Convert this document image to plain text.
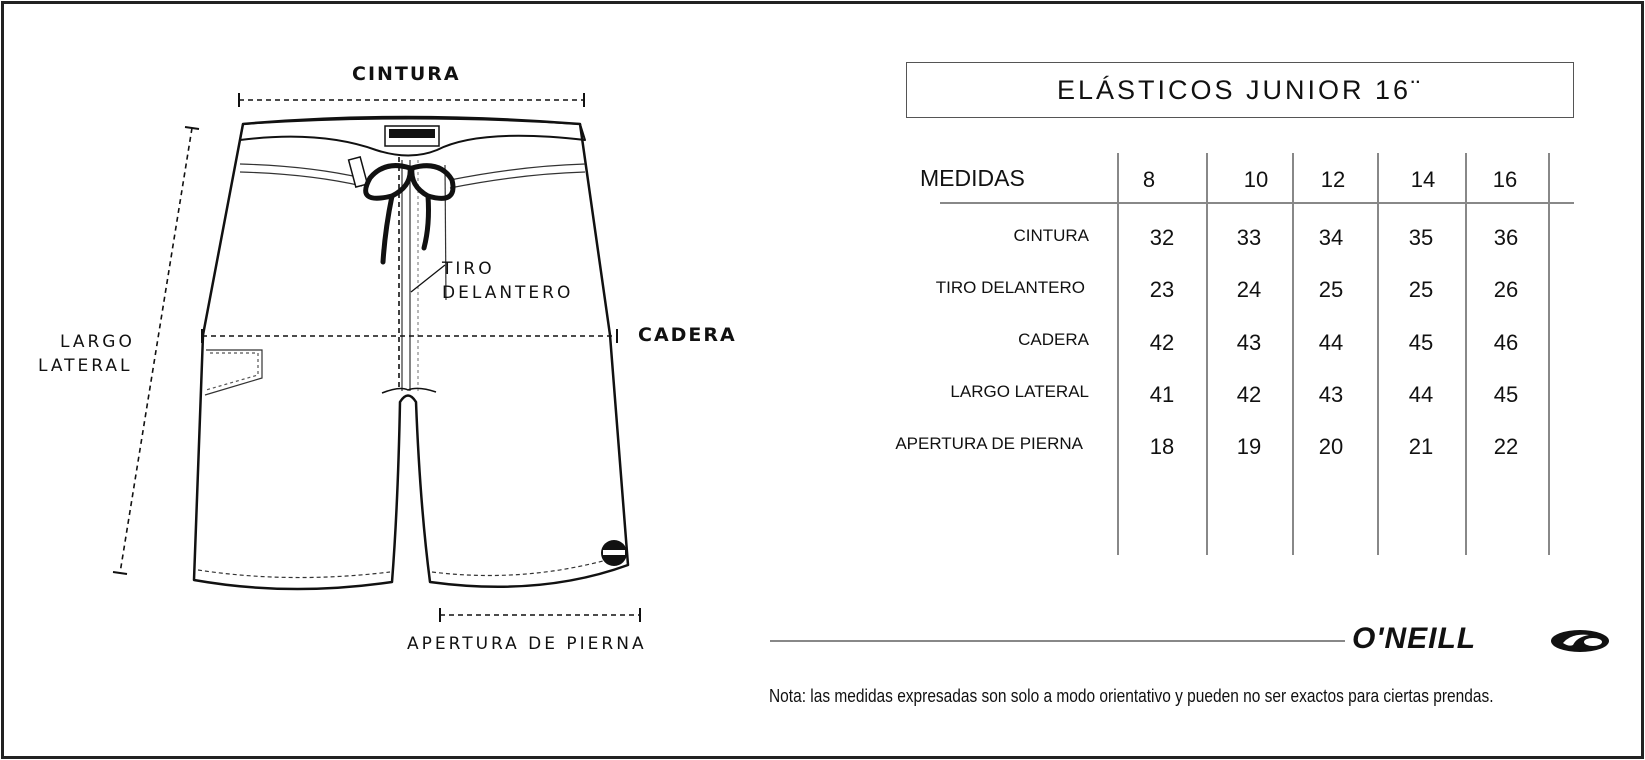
CINTURA
CADERA
TIRO
DELANTERO
LARGO
LATERAL
APERTURA DE PIERNA
ELÁSTICOS JUNIOR 16¨
MEDIDAS	8	10	12	14	16
CINTURA	32	33	34	35	36
TIRO DELANTERO	23	24	25	25	26
CADERA	42	43	44	45	46
LARGO LATERAL	41	42	43	44	45
APERTURA DE PIERNA	18	19	20	21	22
O'NEILL
Nota: las medidas expresadas son solo a modo orientativo y pueden no ser exactos para ciertas prendas.
